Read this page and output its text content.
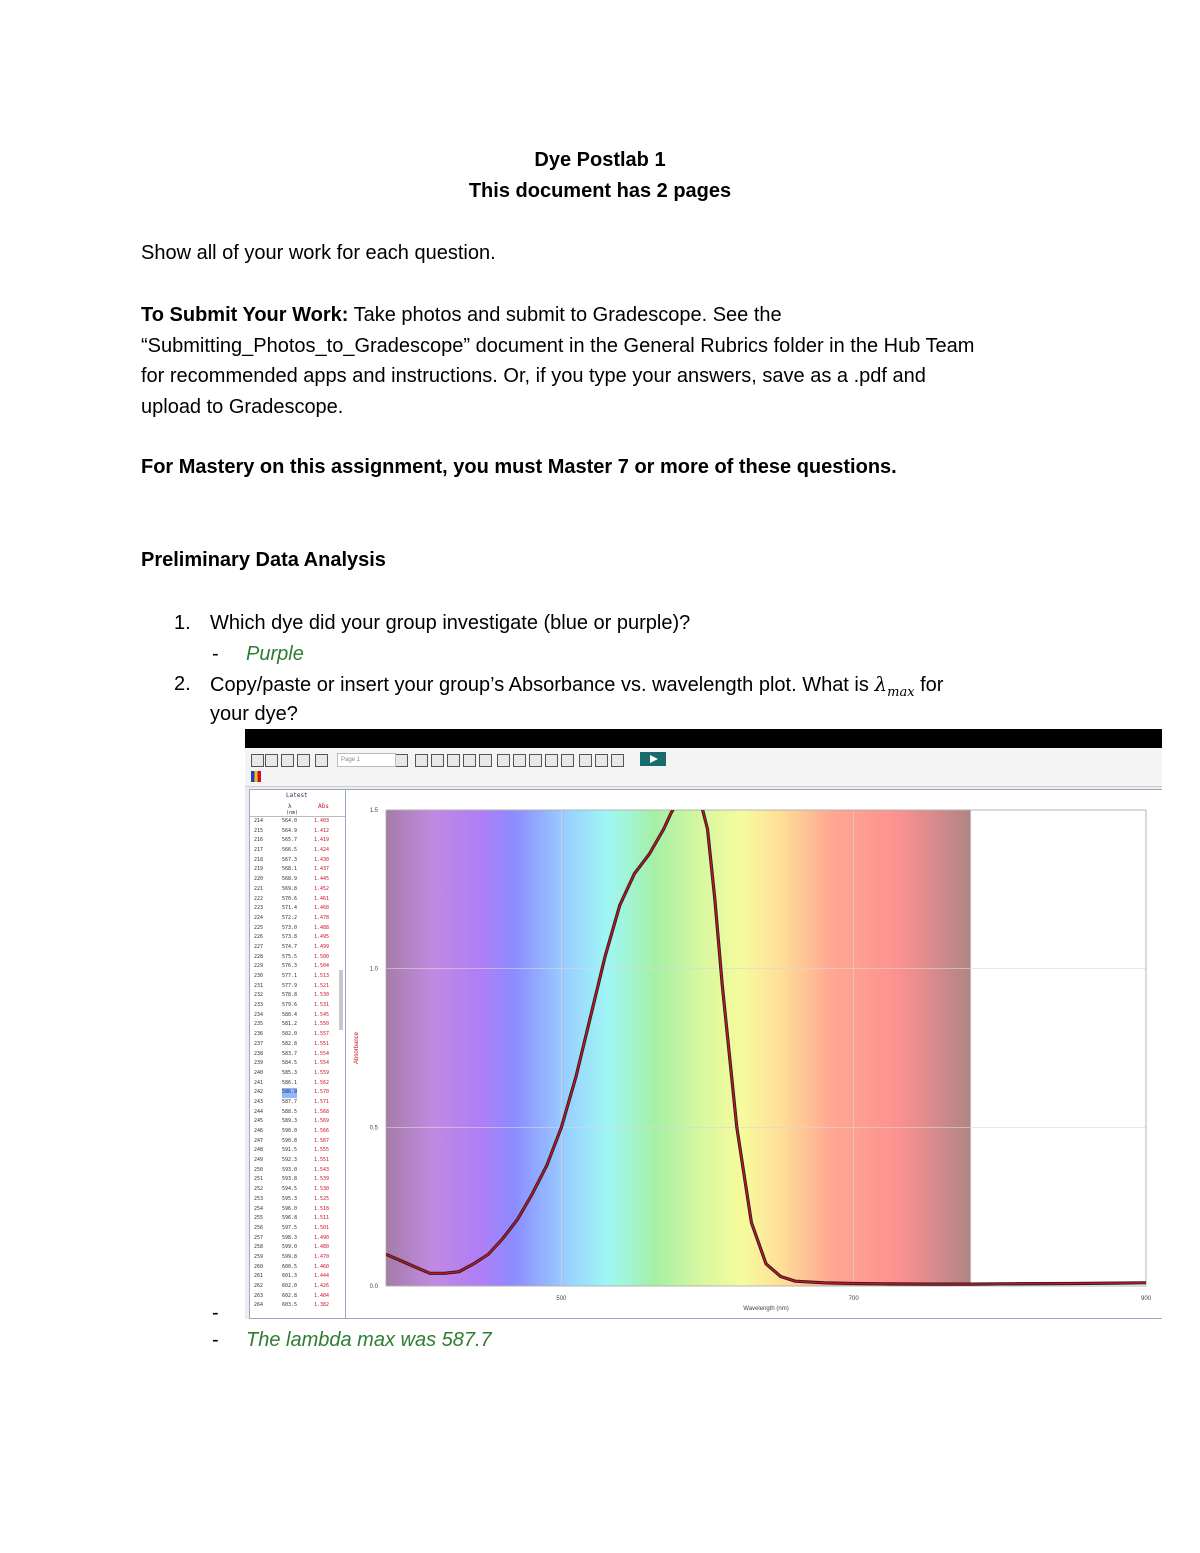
Dye Postlab 1
This document has 2 pages
Show all of your work for each question.
To Submit Your Work: Take photos and submit to Gradescope. See the
“Submitting_Photos_to_Gradescope” document in the General Rubrics folder in the Hub Team
for recommended apps and instructions. Or, if you type your answers, save as a .pdf and
upload to Gradescope.
For Mastery on this assignment, you must Master 7 or more of these questions.
Preliminary Data Analysis
1. Which dye did your group investigate (blue or purple)?
- Purple
2. Copy/paste or insert your group’s Absorbance vs. wavelength plot. What is $\lambda_{max}$ for
your dye?
Page 1
Latest
λ	Abs
(nm)
214	564.0	1.403
215	564.9	1.412
216	565.7	1.419
217	566.5	1.424
218	567.3	1.430
219	568.1	1.437
220	568.9	1.445
221	569.8	1.452
222	570.6	1.461
223	571.4	1.468
224	572.2	1.478
225	573.0	1.488
226	573.8	1.495
227	574.7	1.499
228	575.5	1.500
229	576.3	1.504
230	577.1	1.513
231	577.9	1.521
232	578.8	1.530
233	579.6	1.531
234	580.4	1.545
235	581.2	1.550
236	582.0	1.557
237	582.8	1.551
238	583.7	1.554
239	584.5	1.554
240	585.3	1.559
241	586.1	1.562
242	586.9	1.570
243	587.7	1.571
244	588.5	1.568
245	589.3	1.569
246	590.0	1.566
247	590.8	1.567
248	591.5	1.555
249	592.3	1.551
250	593.0	1.543
251	593.8	1.539
252	594.5	1.530
253	595.3	1.525
254	596.0	1.518
255	596.8	1.511
256	597.5	1.501
257	598.3	1.490
258	599.0	1.480
259	599.8	1.470
260	600.5	1.460
261	601.3	1.444
262	602.0	1.426
263	602.8	1.404
264	603.5	1.382
0.0
0.5
1.0
1.5
500	700	900
Wavelength (nm)
Absorbance
-
- The lambda max was 587.7
